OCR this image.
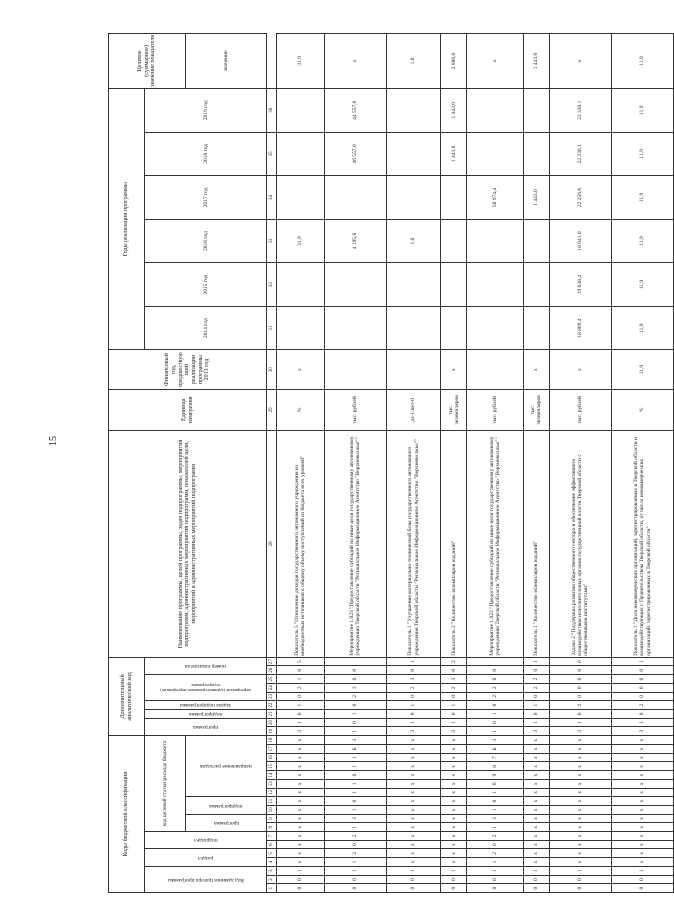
15
Коды бюджетной классификации																		Дополнительный аналитический код									Наименование программы, целей программы, задач подпрограммы, мероприятий подпрограмм, административных мероприятий подпрограмм, показателей цели, мероприятий и административных мероприятий подпрограмм	Единица измерения	Финансовый год, предшествующий реализации программы 2013 год	Годы реализации программы						Целевое (суммарное) значение показателя

Код администратора программы			раздел		подраздел		код целевой статьи расхода бюджета											программа		подпрограмма	задача подпрограммы	мероприятие (административное мероприятие) подпрограммы			номер показателя					2014 год	2015 год	2016 год	2017 год	2018 год	2019 год	

							программа		подпрограмма		направление расходов																									значение
1	2	3	4	5	6	7	8	9	10	11	12	13	14	15	16	17	18	19	20	21	22	23	24	25	26	27	28	29	30	31	32	33	34	35	36	
0	0	1	x	x	x	x	x	x	x	x	x	x	x	x	x	x	x	3	1	0	1	0	2	1	0	5	Показатель 5 "Отношение доходов государственного автономного учреждения из внебюджетных источников к общему объему поступлений из бюджета всех уровней"	%	x			31,9				31,9
0	0	1	1	2	0	2	1	3	1	0	1	1	0	1	1	Б	3	1	0	1	0	2	3	0	0		Мероприятие 1.023 "Предоставление субсидий на иные цели государственному автономному учреждению Тверской области "Региональное Информационное Агентство "Верхневолжье""	тыс. рублей				4 195,0		46 557,0	44 557,0	x
0	0	1	x	x	x	x	x	x	x	x	x	x	x	x	x	x	x	3	1	0	1	0	2	3	0	1	Показатель 1 "Улучшение материально-технической базы государственного автономного учреждения Тверской области "Региональное Информационное Агентство "Верхневолжье""	да-1/нет-0				1,0				1,0
0	0	1	x	x	x	x	x	x	x	x	x	x	x	x	x	x	x	3	1	0	1	0	2	3	0	2	Показатель 2 "Количество экземпляров изданий"	тыс. экземпляров	x					1 443,0	1 443,0	2 886,0
0	0	1	1	2	0	2	1	3	1	0	1	0	9	8	7	Б	3	1	0	1	0	2	2	0	0		Мероприятие 1.022 "Предоставление субсидий на иные цели государственному автономному учреждению Тверской области "Региональное Информационное Агентство "Верхневолжье""	тыс. рублей					50 974,4			x
0	0	1	x	x	x	x	x	x	x	x	x	x	x	x	x	x	x	3	1	0	1	0	2	2	0	1	Показатель 1 "Количество экземпляров изданий"	тыс. экземпляров	x				1 443,0			1 443,0
0	0	1	x	x	x	x	x	x	x	x	x	x	x	x	x	x	x	3	1	0	2	0	0	0	0	0	Задача 2 "Поддержка развития общественного сектора и обеспечение эффективного взаимодействия исполнительных органов государственной власти Тверской области с общественными институтами"	тыс. рублей	x	18 809,4	19 638,4	18 041,0	22 256,6	22 330,1	22 330,1	x
0	0	1	x	x	x	x	x	x	x	x	x	x	x	x	x	x	x	3	1	0	2	0	0	0	0	1	Показатель 1 "Доля некоммерческих организаций, зарегистрированных в Тверской области и взаимодействующих с Правительством Тверской области, от числа некоммерческих организаций, зарегистрированных в Тверской области"	%	11,9	11,9	11,9	11,9	11,9	11,9	11,9	11,9
